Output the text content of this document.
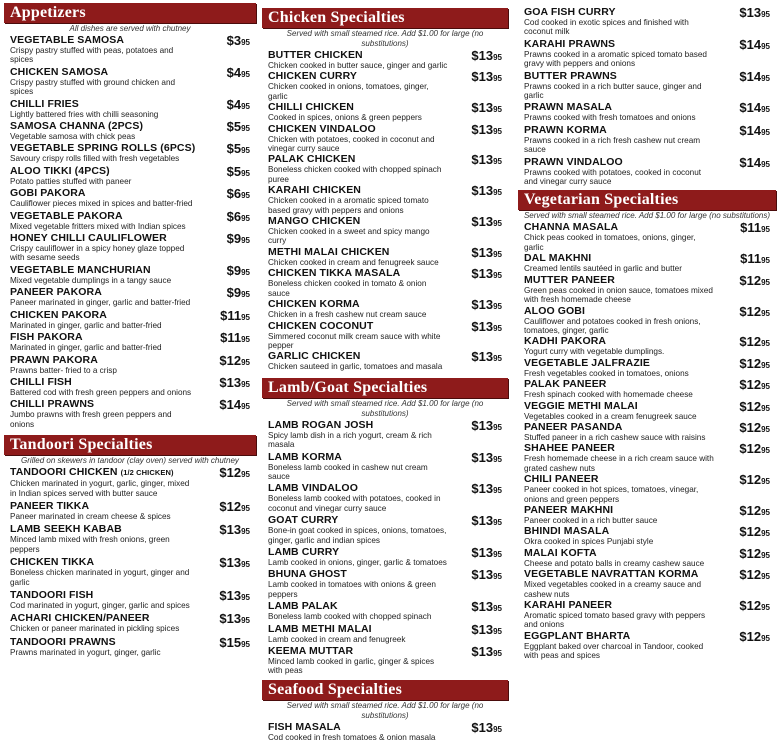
Appetizers
All dishes are served with chutney
VEGETABLE SAMOSA
Crispy pastry stuffed with peas, potatoes and spices
$395
CHICKEN SAMOSA
Crispy pastry stuffed with ground chicken and spices
$495
CHILLI FRIES
Lightly battered fries with chilli seasoning
$495
SAMOSA CHANNA (2PCS)
Vegetable samosa with chick peas
$595
VEGETABLE SPRING ROLLS (6PCS)
Savoury crispy rolls filled with fresh vegetables
$595
ALOO TIKKI (4PCS)
Potato patties stuffed with paneer
$595
GOBI PAKORA
Cauliflower pieces mixed in spices and batter-fried
$695
VEGETABLE PAKORA
Mixed vegetable fritters mixed with Indian spices
$695
HONEY CHILLI CAULIFLOWER
Crispy cauliflower in a spicy honey glaze topped with sesame seeds
$995
VEGETABLE MANCHURIAN
Mixed vegetable dumplings in a tangy sauce
$995
PANEER PAKORA
Paneer marinated in ginger, garlic and batter-fried
$995
CHICKEN PAKORA
Marinated in ginger, garlic and batter-fried
$1195
FISH PAKORA
Marinated in ginger, garlic and batter-fried
$1195
PRAWN PAKORA
Prawns batter- fried to a crisp
$1295
CHILLI FISH
Battered cod with fresh green peppers and onions
$1395
CHILLI PRAWNS
Jumbo prawns with fresh green peppers and onions
$1495
Tandoori Specialties
Grilled on skewers in tandoor (clay oven) served with chutney
TANDOORI CHICKEN (1/2 CHICKEN)
Chicken marinated in yogurt, garlic, ginger, mixed in Indian spices served with butter sauce
$1295
PANEER TIKKA
Paneer marinated in cream cheese & spices
$1295
LAMB SEEKH KABAB
Minced lamb mixed with fresh onions, green peppers
$1395
CHICKEN TIKKA
Boneless chicken marinated in yogurt, ginger and garlic
$1395
TANDOORI FISH
Cod marinated in yogurt, ginger, garlic and spices
$1395
ACHARI CHICKEN/PANEER
Chicken or paneer marinated in pickling spices
$1395
TANDOORI PRAWNS
Prawns marinated in yogurt, ginger, garlic
$1595
Chicken Specialties
Served with small steamed rice. Add $1.00 for large (no substitutions)
BUTTER CHICKEN
Chicken cooked in butter sauce, ginger and garlic
$1395
CHICKEN CURRY
Chicken cooked in onions, tomatoes, ginger, garlic
$1395
CHILLI CHICKEN
Cooked in spices, onions & green peppers
$1395
CHICKEN VINDALOO
Chicken with potatoes, cooked in coconut and vinegar curry sauce
$1395
PALAK CHICKEN
Boneless chicken cooked with chopped spinach puree
$1395
KARAHI CHICKEN
Chicken cooked in a aromatic spiced tomato based gravy with peppers and onions
$1395
MANGO CHICKEN
Chicken cooked in a sweet and spicy mango curry
$1395
METHI MALAI CHICKEN
Chicken cooked in cream and fenugreek sauce
$1395
CHICKEN TIKKA MASALA
Boneless chicken cooked in tomato & onion sauce
$1395
CHICKEN KORMA
Chicken in a fresh cashew nut cream sauce
$1395
CHICKEN COCONUT
Simmered coconut milk cream sauce with white pepper
$1395
GARLIC CHICKEN
Chicken sauteed in garlic, tomatoes and masala
$1395
Lamb/Goat Specialties
Served with small steamed rice. Add $1.00 for large (no substitutions)
LAMB ROGAN JOSH
Spicy lamb dish in a rich yogurt, cream & rich masala
$1395
LAMB KORMA
Boneless lamb cooked in cashew nut cream sauce
$1395
LAMB VINDALOO
Boneless lamb cooked with potatoes, cooked in coconut and vinegar curry sauce
$1395
GOAT CURRY
Bone-in goat cooked in spices, onions, tomatoes, ginger, garlic and indian spices
$1395
LAMB CURRY
Lamb cooked in onions, ginger, garlic & tomatoes
$1395
BHUNA GHOST
Lamb cooked in tomatoes with onions & green peppers
$1395
LAMB PALAK
Boneless lamb cooked with chopped spinach
$1395
LAMB METHI MALAI
Lamb cooked in cream and fenugreek
$1395
KEEMA MUTTAR
Minced lamb cooked in garlic, ginger & spices with peas
$1395
Seafood Specialties
Served with small steamed rice. Add $1.00 for large (no substitutions)
FISH MASALA
Cod cooked in fresh tomatoes & onion masala
$1395
GOA FISH CURRY
Cod cooked in exotic spices and finished with coconut milk
$1395
KARAHI PRAWNS
Prawns cooked in a aromatic spiced tomato based gravy with peppers and onions
$1495
BUTTER PRAWNS
Prawns cooked in a rich butter sauce, ginger and garlic
$1495
PRAWN MASALA
Prawns cooked with fresh tomatoes and onions
$1495
PRAWN KORMA
Prawns cooked in a rich fresh cashew nut cream sauce
$1495
PRAWN VINDALOO
Prawns cooked with potatoes, cooked in coconut and vinegar curry sauce
$1495
Vegetarian Specialties
Served with small steamed rice. Add $1.00 for large (no substitutions)
CHANNA MASALA
Chick peas cooked in tomatoes, onions, ginger, garlic
$1195
DAL MAKHNI
Creamed lentils sautéed in garlic and butter
$1195
MUTTER PANEER
Green peas cooked in onion sauce, tomatoes mixed with fresh homemade cheese
$1295
ALOO GOBI
Cauliflower and potatoes cooked in fresh onions, tomatoes, ginger, garlic
$1295
KADHI PAKORA
Yogurt curry with vegetable dumplings.
$1295
VEGETABLE JALFRAZIE
Fresh vegetables cooked in tomatoes, onions
$1295
PALAK PANEER
Fresh spinach cooked with homemade cheese
$1295
VEGGIE METHI MALAI
Vegetables cooked in a cream fenugreek sauce
$1295
PANEER PASANDA
Stuffed paneer in a rich cashew sauce with raisins
$1295
SHAHEE PANEER
Fresh homemade cheese in a rich cream sauce with grated cashew nuts
$1295
CHILI PANEER
Paneer cooked in hot spices, tomatoes, vinegar, onions and green peppers
$1295
PANEER MAKHNI
Paneer cooked in a rich butter sauce
$1295
BHINDI MASALA
Okra cooked in spices Punjabi style
$1295
MALAI KOFTA
Cheese and potato balls in creamy cashew sauce
$1295
VEGETABLE NAVRATTAN KORMA
Mixed vegetables cooked in a creamy sauce and cashew nuts
$1295
KARAHI PANEER
Aromatic spiced tomato based gravy with peppers and onions
$1295
EGGPLANT BHARTA
Eggplant baked over charcoal in Tandoor, cooked with peas and spices
$1295
